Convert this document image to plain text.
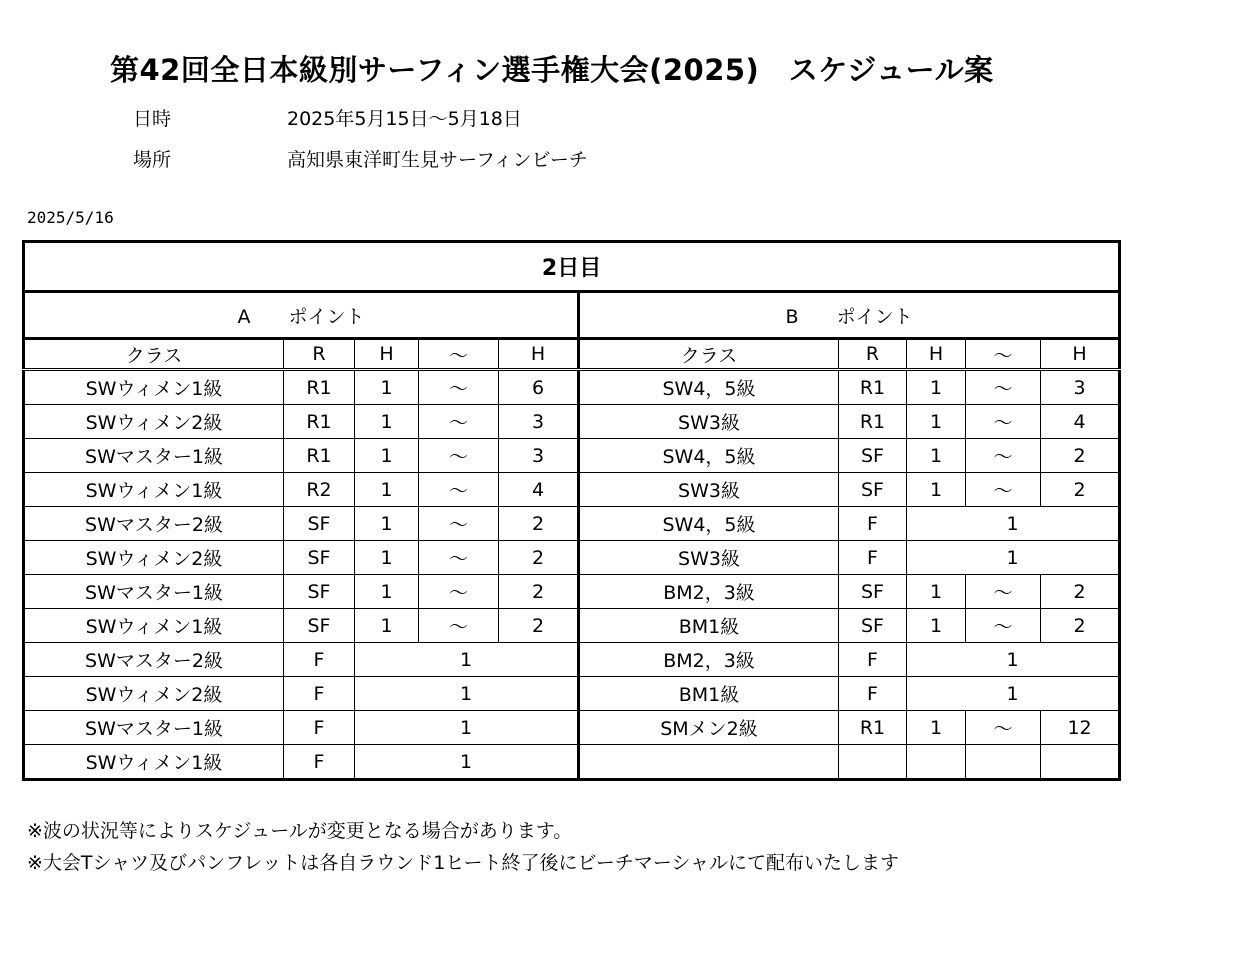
第42回全日本級別サーフィン選手権大会(2025)　スケジュール案
日時	2025年5月15日～5月18日
場所	高知県東洋町生見サーフィンビーチ
2025/5/16
2日目									
A　　ポイント					B　　ポイント				
クラス	R	H	～	H	クラス	R	H	～	H
SWウィメン1級	R1	1	～	6	SW4，5級	R1	1	～	3
SWウィメン2級	R1	1	～	3	SW3級	R1	1	～	4
SWマスター1級	R1	1	～	3	SW4，5級	SF	1	～	2
SWウィメン1級	R2	1	～	4	SW3級	SF	1	～	2
SWマスター2級	SF	1	～	2	SW4，5級	F	1		
SWウィメン2級	SF	1	～	2	SW3級	F	1		
SWマスター1級	SF	1	～	2	BM2，3級	SF	1	～	2
SWウィメン1級	SF	1	～	2	BM1級	SF	1	～	2
SWマスター2級	F	1			BM2，3級	F	1		
SWウィメン2級	F	1			BM1級	F	1		
SWマスター1級	F	1			SMメン2級	R1	1	～	12
SWウィメン1級	F	1							
※波の状況等によりスケジュールが変更となる場合があります。
※大会Tシャツ及びパンフレットは各自ラウンド1ヒート終了後にビーチマーシャルにて配布いたします
